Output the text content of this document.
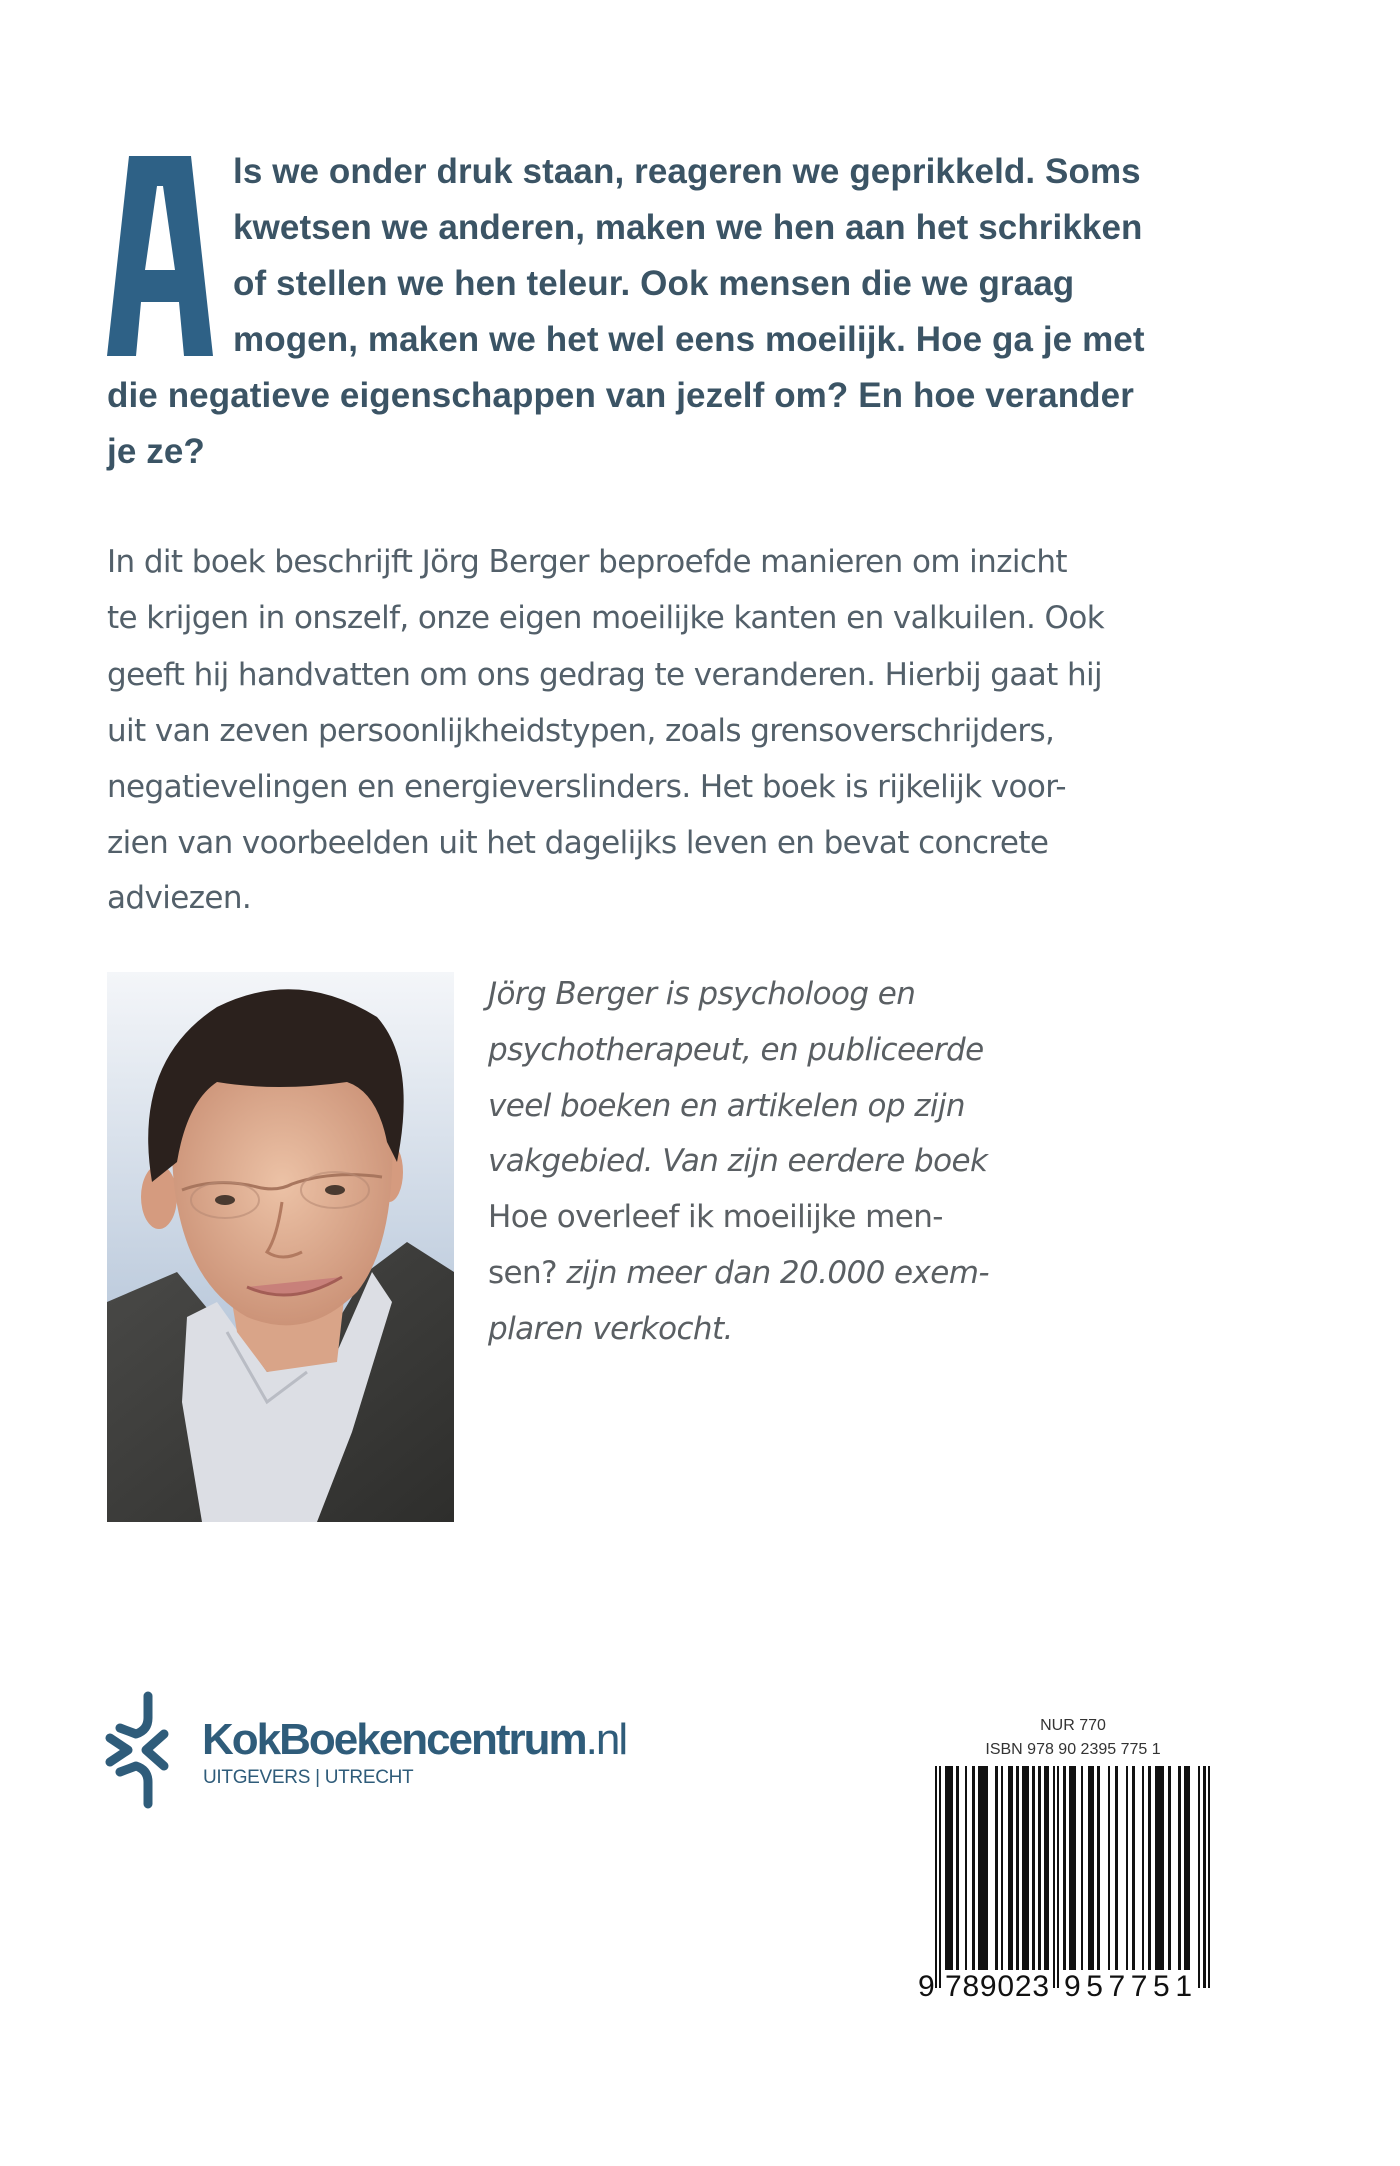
ls we onder druk staan, reageren we geprikkeld. Soms
kwetsen we anderen, maken we hen aan het schrikken
of stellen we hen teleur. Ook mensen die we graag
mogen, maken we het wel eens moeilijk. Hoe ga je met
die negatieve eigenschappen van jezelf om? En hoe verander
je ze?
In dit boek beschrijft Jörg Berger beproefde manieren om inzicht
te krijgen in onszelf, onze eigen moeilijke kanten en valkuilen. Ook
geeft hij handvatten om ons gedrag te veranderen. Hierbij gaat hij
uit van zeven persoonlijkheidstypen, zoals grensoverschrijders,
negatievelingen en energieverslinders. Het boek is rijkelijk voor-
zien van voorbeelden uit het dagelijks leven en bevat concrete
adviezen.
Jörg Berger is psycholoog en
psychotherapeut, en publiceerde
veel boeken en artikelen op zijn
vakgebied. Van zijn eerdere boek
Hoe overleef ik moeilijke men-
sen? zijn meer dan 20.000 exem-
plaren verkocht.
KokBoekencentrum.nl
UITGEVERS | UTRECHT
NUR 770
ISBN 978 90 2395 775 1
9 789023 957751
